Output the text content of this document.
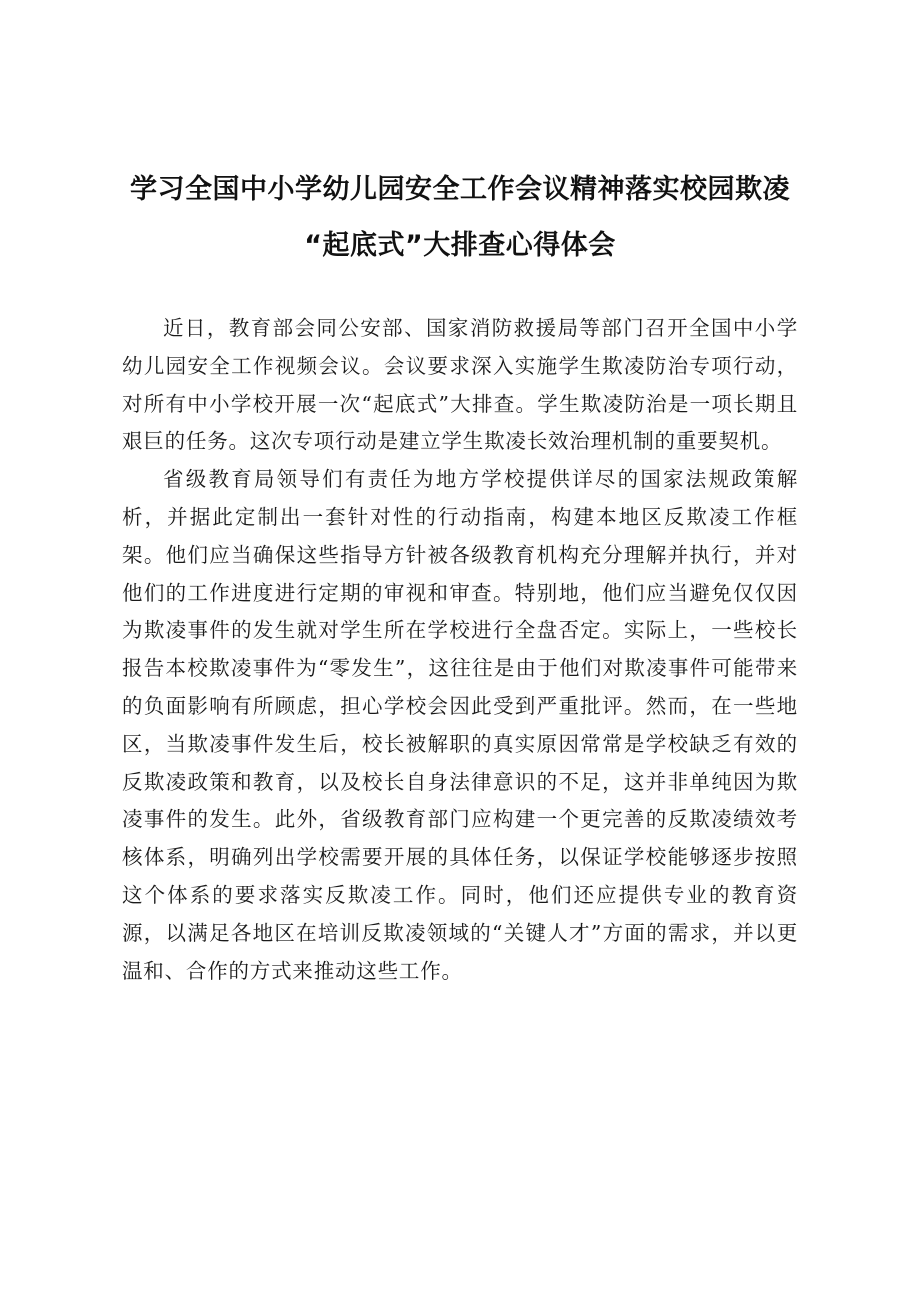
学习全国中小学幼儿园安全工作会议精神落实校园欺凌
“起底式”大排查心得体会

近日，教育部会同公安部、国家消防救援局等部门召开全国中小学幼儿园安全工作视频会议。会议要求深入实施学生欺凌防治专项行动，对所有中小学校开展一次“起底式”大排查。学生欺凌防治是一项长期且艰巨的任务。这次专项行动是建立学生欺凌长效治理机制的重要契机。

省级教育局领导们有责任为地方学校提供详尽的国家法规政策解析，并据此定制出一套针对性的行动指南，构建本地区反欺凌工作框架。他们应当确保这些指导方针被各级教育机构充分理解并执行，并对他们的工作进度进行定期的审视和审查。特别地，他们应当避免仅仅因为欺凌事件的发生就对学生所在学校进行全盘否定。实际上，一些校长报告本校欺凌事件为“零发生”，这往往是由于他们对欺凌事件可能带来的负面影响有所顾虑，担心学校会因此受到严重批评。然而，在一些地区，当欺凌事件发生后，校长被解职的真实原因常常是学校缺乏有效的反欺凌政策和教育，以及校长自身法律意识的不足，这并非单纯因为欺凌事件的发生。此外，省级教育部门应构建一个更完善的反欺凌绩效考核体系，明确列出学校需要开展的具体任务，以保证学校能够逐步按照这个体系的要求落实反欺凌工作。同时，他们还应提供专业的教育资源，以满足各地区在培训反欺凌领域的“关键人才”方面的需求，并以更温和、合作的方式来推动这些工作。
